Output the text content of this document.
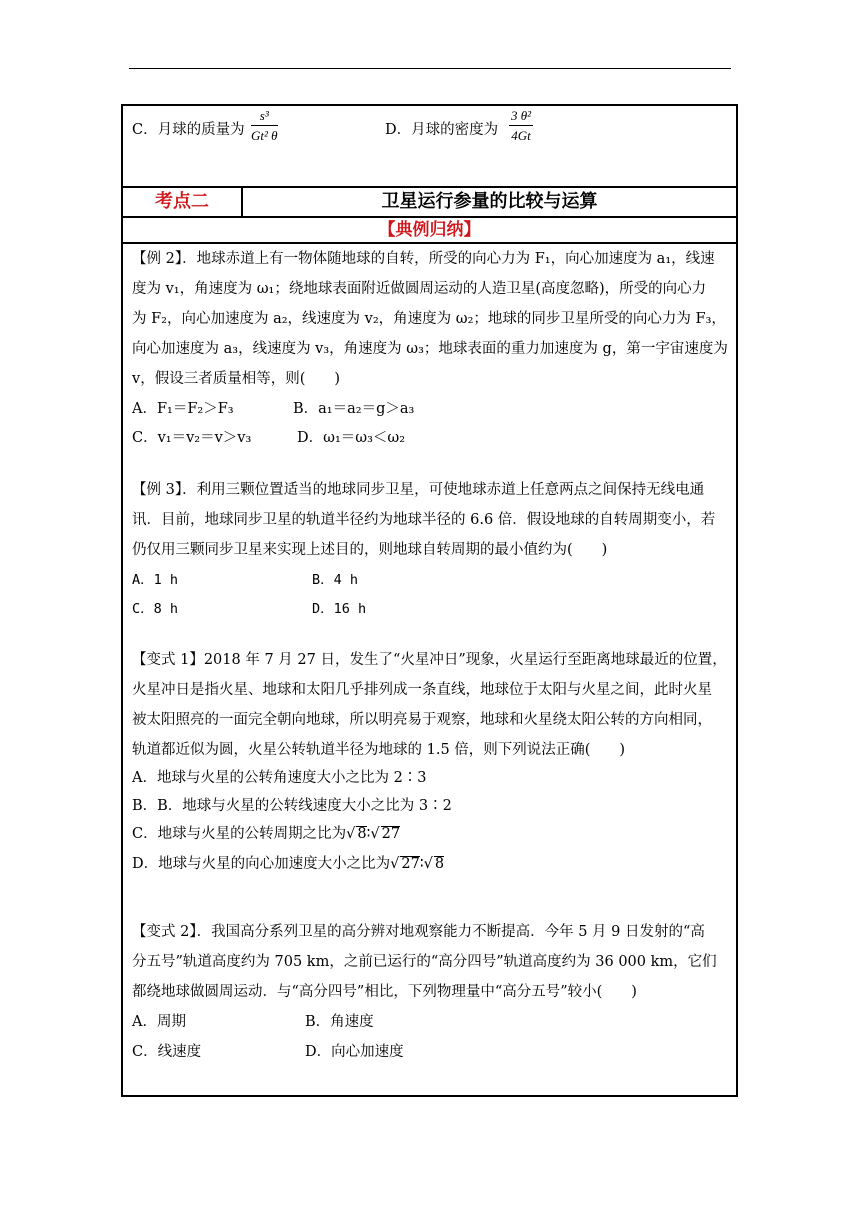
C．月球的质量为 $\frac{\text{s³}}{\text{Gt² θ}}$	D．月球的密度为 $\frac{\text{3 θ²}}{4Gt}$
考点二	卫星运行参量的比较与运算
【典例归纳】
【例 2】．地球赤道上有一物体随地球的自转，所受的向心力为 F₁，向心加速度为 a₁，线速
度为 v₁，角速度为 ω₁；绕地球表面附近做圆周运动的人造卫星(高度忽略)，所受的向心力
为 F₂，向心加速度为 a₂，线速度为 v₂，角速度为 ω₂；地球的同步卫星所受的向心力为 F₃，
向心加速度为 a₃，线速度为 v₃，角速度为 ω₃；地球表面的重力加速度为 g，第一宇宙速度为
v，假设三者质量相等，则(　　)
A．F₁＝F₂＞F₃	B．a₁＝a₂＝g＞a₃
C．v₁＝v₂＝v＞v₃	D．ω₁＝ω₃＜ω₂
【例 3】．利用三颗位置适当的地球同步卫星，可使地球赤道上任意两点之间保持无线电通
讯．目前，地球同步卫星的轨道半径约为地球半径的 6.6 倍．假设地球的自转周期变小，若
仍仅用三颗同步卫星来实现上述目的，则地球自转周期的最小值约为(　　)
A．1 h	B．4 h
C．8 h	D．16 h
【变式 1】2018 年 7 月 27 日，发生了“火星冲日”现象，火星运行至距离地球最近的位置，
火星冲日是指火星、地球和太阳几乎排列成一条直线，地球位于太阳与火星之间，此时火星
被太阳照亮的一面完全朝向地球，所以明亮易于观察，地球和火星绕太阳公转的方向相同，
轨道都近似为圆，火星公转轨道半径为地球的 1.5 倍，则下列说法正确(　　)
A．地球与火星的公转角速度大小之比为 2∶3
B．B．地球与火星的公转线速度大小之比为 3∶2
C．地球与火星的公转周期之比为√ 8∶√ 27
D．地球与火星的向心加速度大小之比为√ 27∶√ 8
【变式 2】．我国高分系列卫星的高分辨对地观察能力不断提高．今年 5 月 9 日发射的“高
分五号”轨道高度约为 705 km，之前已运行的“高分四号”轨道高度约为 36 000 km，它们
都绕地球做圆周运动．与“高分四号”相比，下列物理量中“高分五号”较小(　　)
A．周期	B．角速度
C．线速度	D．向心加速度
